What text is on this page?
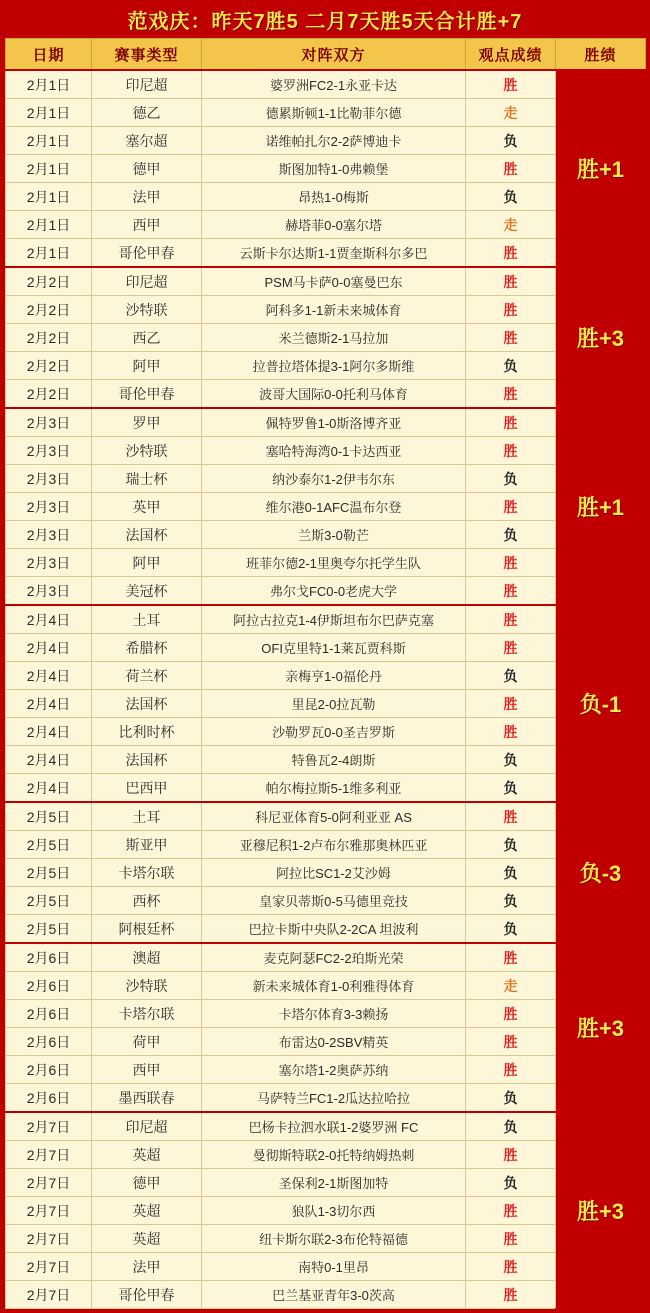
范戏庆：昨天7胜5 二月7天胜5天合计胜+7
日期	赛事类型	对阵双方	观点成绩	胜绩
2月1日	印尼超	婆罗洲FC2-1永亚卡达	胜	胜+1
2月1日	德乙	德累斯顿1-1比勒菲尔德	走	
2月1日	塞尔超	诺维帕扎尔2-2萨博迪卡	负	
2月1日	德甲	斯图加特1-0弗赖堡	胜	
2月1日	法甲	昂热1-0梅斯	负	
2月1日	西甲	赫塔菲0-0塞尔塔	走	
2月1日	哥伦甲春	云斯卡尔达斯1-1贾奎斯科尔多巴	胜	
2月2日	印尼超	PSM马卡萨0-0塞曼巴东	胜	胜+3
2月2日	沙特联	阿科多1-1新未来城体育	胜	
2月2日	西乙	米兰德斯2-1马拉加	胜	
2月2日	阿甲	拉普拉塔体提3-1阿尔多斯维	负	
2月2日	哥伦甲春	波哥大国际0-0托利马体育	胜	
2月3日	罗甲	佩特罗鲁1-0斯洛博齐亚	胜	胜+1
2月3日	沙特联	塞哈特海湾0-1卡达西亚	胜	
2月3日	瑞士杯	纳沙泰尔1-2伊韦尔东	负	
2月3日	英甲	维尔港0-1AFC温布尔登	胜	
2月3日	法国杯	兰斯3-0勒芒	负	
2月3日	阿甲	班菲尔德2-1里奥夸尔托学生队	胜	
2月3日	美冠杯	弗尔戈FC0-0老虎大学	胜	
2月4日	土耳	阿拉古拉克1-4伊斯坦布尔巴萨克塞	胜	负-1
2月4日	希腊杯	OFI克里特1-1莱瓦贾科斯	胜	
2月4日	荷兰杯	亲梅亨1-0福伦丹	负	
2月4日	法国杯	里昆2-0拉瓦勒	胜	
2月4日	比利时杯	沙勒罗瓦0-0圣吉罗斯	胜	
2月4日	法国杯	特鲁瓦2-4朗斯	负	
2月4日	巴西甲	帕尔梅拉斯5-1维多利亚	负	
2月5日	土耳	科尼亚体育5-0阿利亚亚 AS	胜	负-3
2月5日	斯亚甲	亚穆尼积1-2卢布尔雅那奥林匹亚	负	
2月5日	卡塔尔联	阿拉比SC1-2艾沙姆	负	
2月5日	西杯	皇家贝蒂斯0-5马德里竞技	负	
2月5日	阿根廷杯	巴拉卡斯中央队2-2CA 坦波利	负	
2月6日	澳超	麦克阿瑟FC2-2珀斯光荣	胜	胜+3
2月6日	沙特联	新未来城体育1-0利雅得体育	走	
2月6日	卡塔尔联	卡塔尔体育3-3赖扬	胜	
2月6日	荷甲	布雷达0-2SBV精英	胜	
2月6日	西甲	塞尔塔1-2奥萨苏纳	胜	
2月6日	墨西联春	马萨特兰FC1-2瓜达拉哈拉	负	
2月7日	印尼超	巴杨卡拉泗水联1-2婆罗洲 FC	负	胜+3
2月7日	英超	曼彻斯特联2-0托特纳姆热刺	胜	
2月7日	德甲	圣保利2-1斯图加特	负	
2月7日	英超	狼队1-3切尔西	胜	
2月7日	英超	纽卡斯尔联2-3布伦特福德	胜	
2月7日	法甲	南特0-1里昂	胜	
2月7日	哥伦甲春	巴兰基亚青年3-0茨高	胜	
